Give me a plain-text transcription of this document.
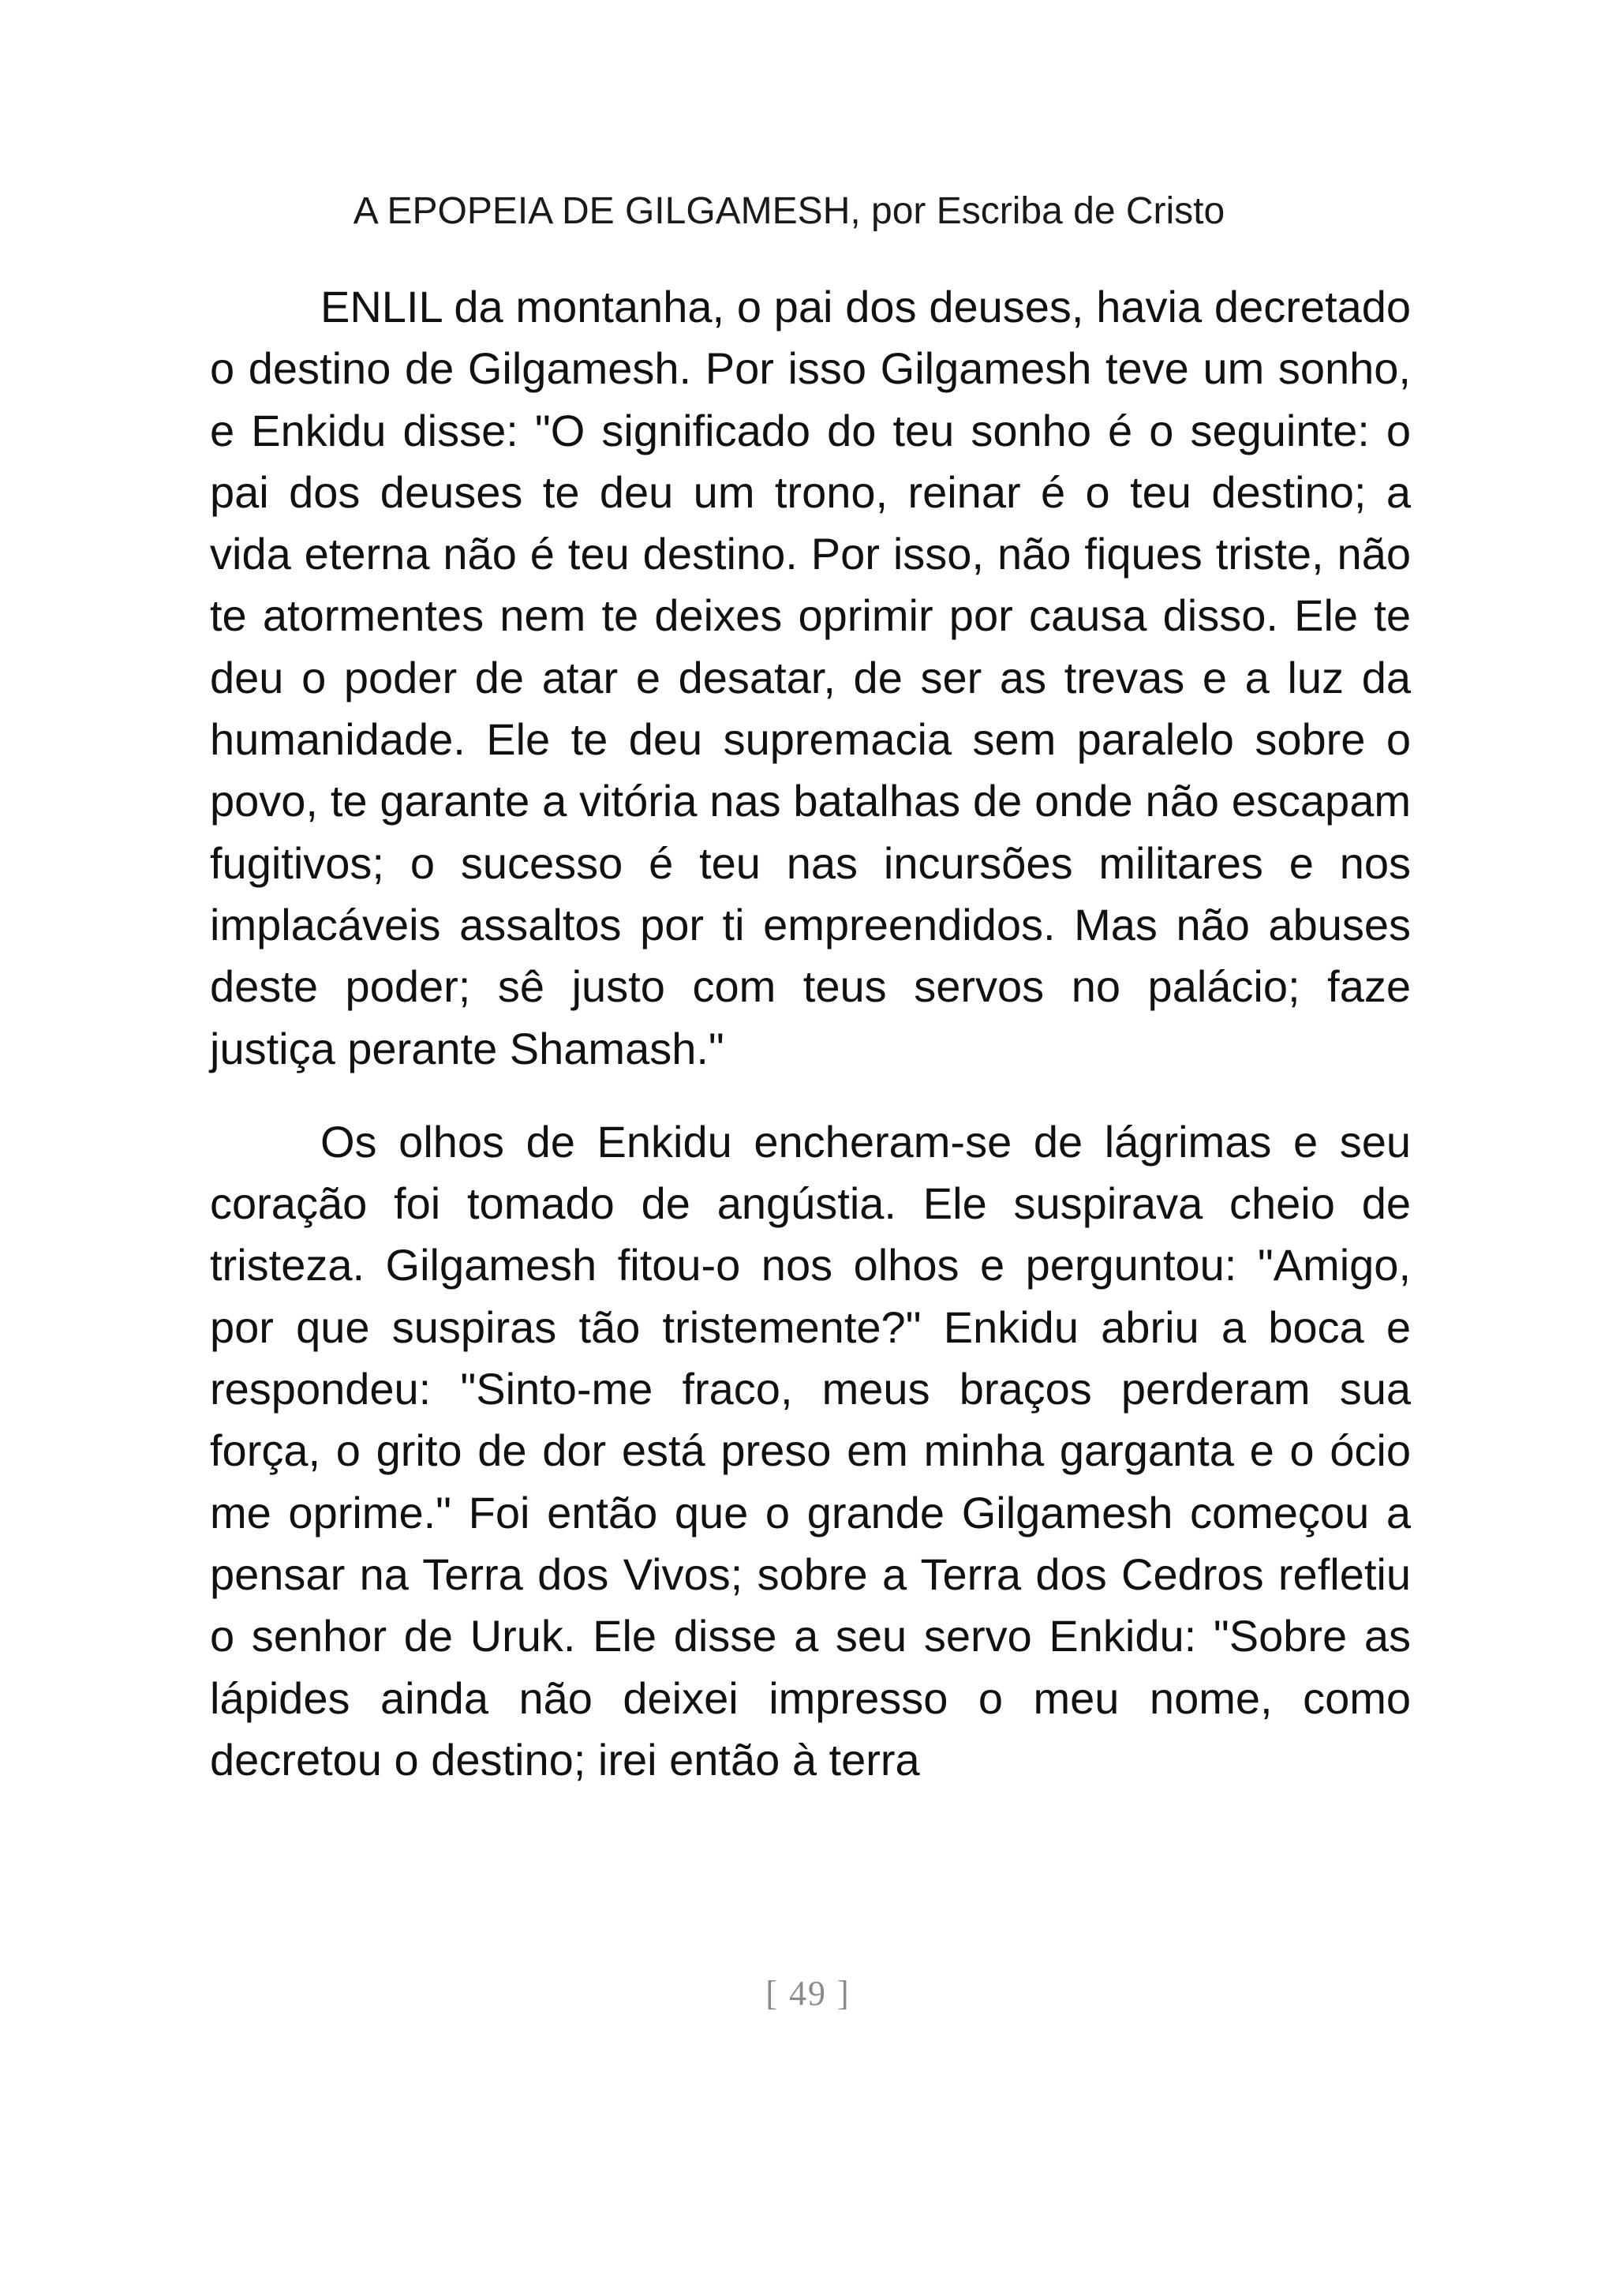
A EPOPEIA DE GILGAMESH, por Escriba de Cristo

ENLIL da montanha, o pai dos deuses, havia decretado o destino de Gilgamesh. Por isso Gilgamesh teve um sonho, e Enkidu disse: "O significado do teu sonho é o seguinte: o pai dos deuses te deu um trono, reinar é o teu destino; a vida eterna não é teu destino. Por isso, não fiques triste, não te atormentes nem te deixes oprimir por causa disso. Ele te deu o poder de atar e desatar, de ser as trevas e a luz da humanidade. Ele te deu supremacia sem paralelo sobre o povo, te garante a vitória nas batalhas de onde não escapam fugitivos; o sucesso é teu nas incursões militares e nos implacáveis assaltos por ti empreendidos. Mas não abuses deste poder; sê justo com teus servos no palácio; faze justiça perante Shamash."

Os olhos de Enkidu encheram-se de lágrimas e seu coração foi tomado de angústia. Ele suspirava cheio de tristeza. Gilgamesh fitou-o nos olhos e perguntou: "Amigo, por que suspiras tão tristemente?" Enkidu abriu a boca e respondeu: "Sinto-me fraco, meus braços perderam sua força, o grito de dor está preso em minha garganta e o ócio me oprime." Foi então que o grande Gilgamesh começou a pensar na Terra dos Vivos; sobre a Terra dos Cedros refletiu o senhor de Uruk. Ele disse a seu servo Enkidu: "Sobre as lápides ainda não deixei impresso o meu nome, como decretou o destino; irei então à terra

[ 49 ]
